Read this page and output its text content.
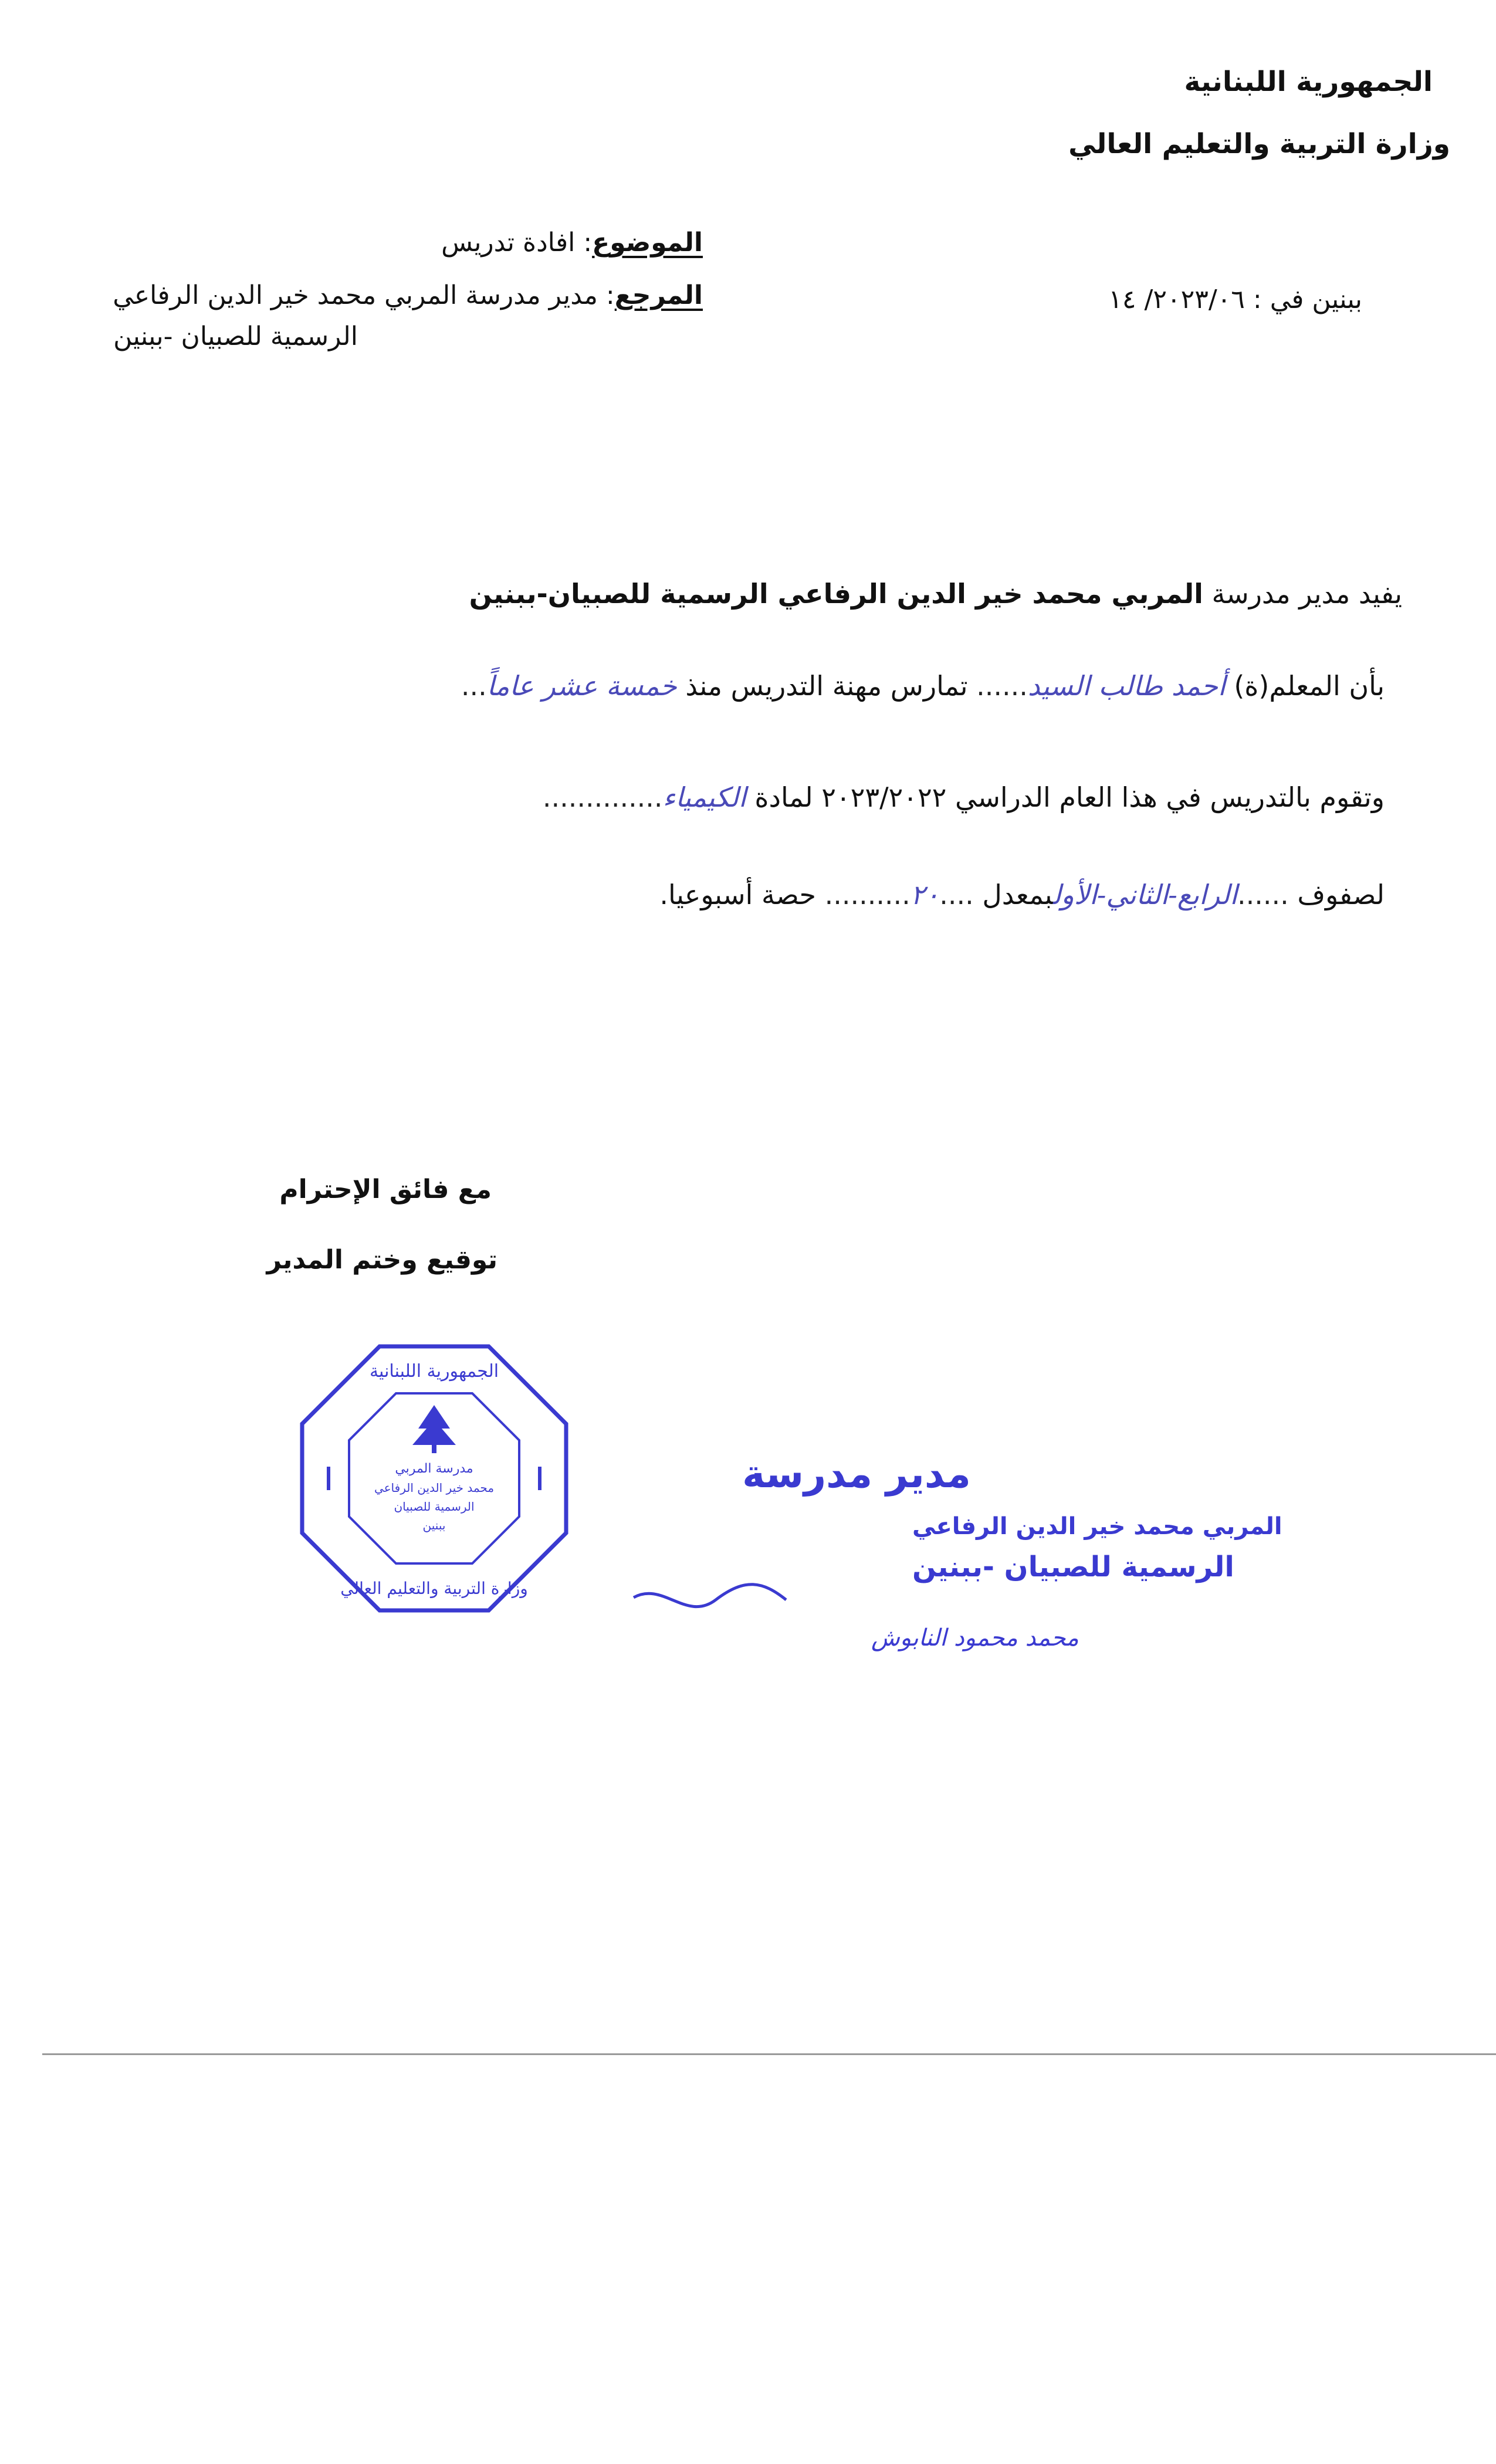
الجمهورية اللبنانية
وزارة التربية والتعليم العالي
الموضوع: افادة تدريس
المرجع: مدير مدرسة المربي محمد خير الدين الرفاعي
الرسمية للصبيان -ببنين
ببنين في : ٢٠٢٣/٠٦/ ١٤
يفيد مدير مدرسة المربي محمد خير الدين الرفاعي الرسمية للصبيان-ببنين
بأن المعلم(ة) أحمد طالب السيد...... تمارس مهنة التدريس منذ خمسة عشر عاماً...
وتقوم بالتدريس في هذا العام الدراسي ٢٠٢٣/٢٠٢٢ لمادة الكيمياء..............
لصفوف ......الرابع-الثاني-الأولبمعدل ....٢٠.......... حصة أسبوعيا.
مع فائق الإحترام
توقيع وختم المدير
الجمهورية اللبنانية
وزارة التربية والتعليم العالي
مدرسة المربي
محمد خير الدين الرفاعي
الرسمية للصبيان
ببنين
مدير مدرسة
المربي محمد خير الدين الرفاعي
الرسمية للصبيان -ببنين
محمد محمود النابوش
